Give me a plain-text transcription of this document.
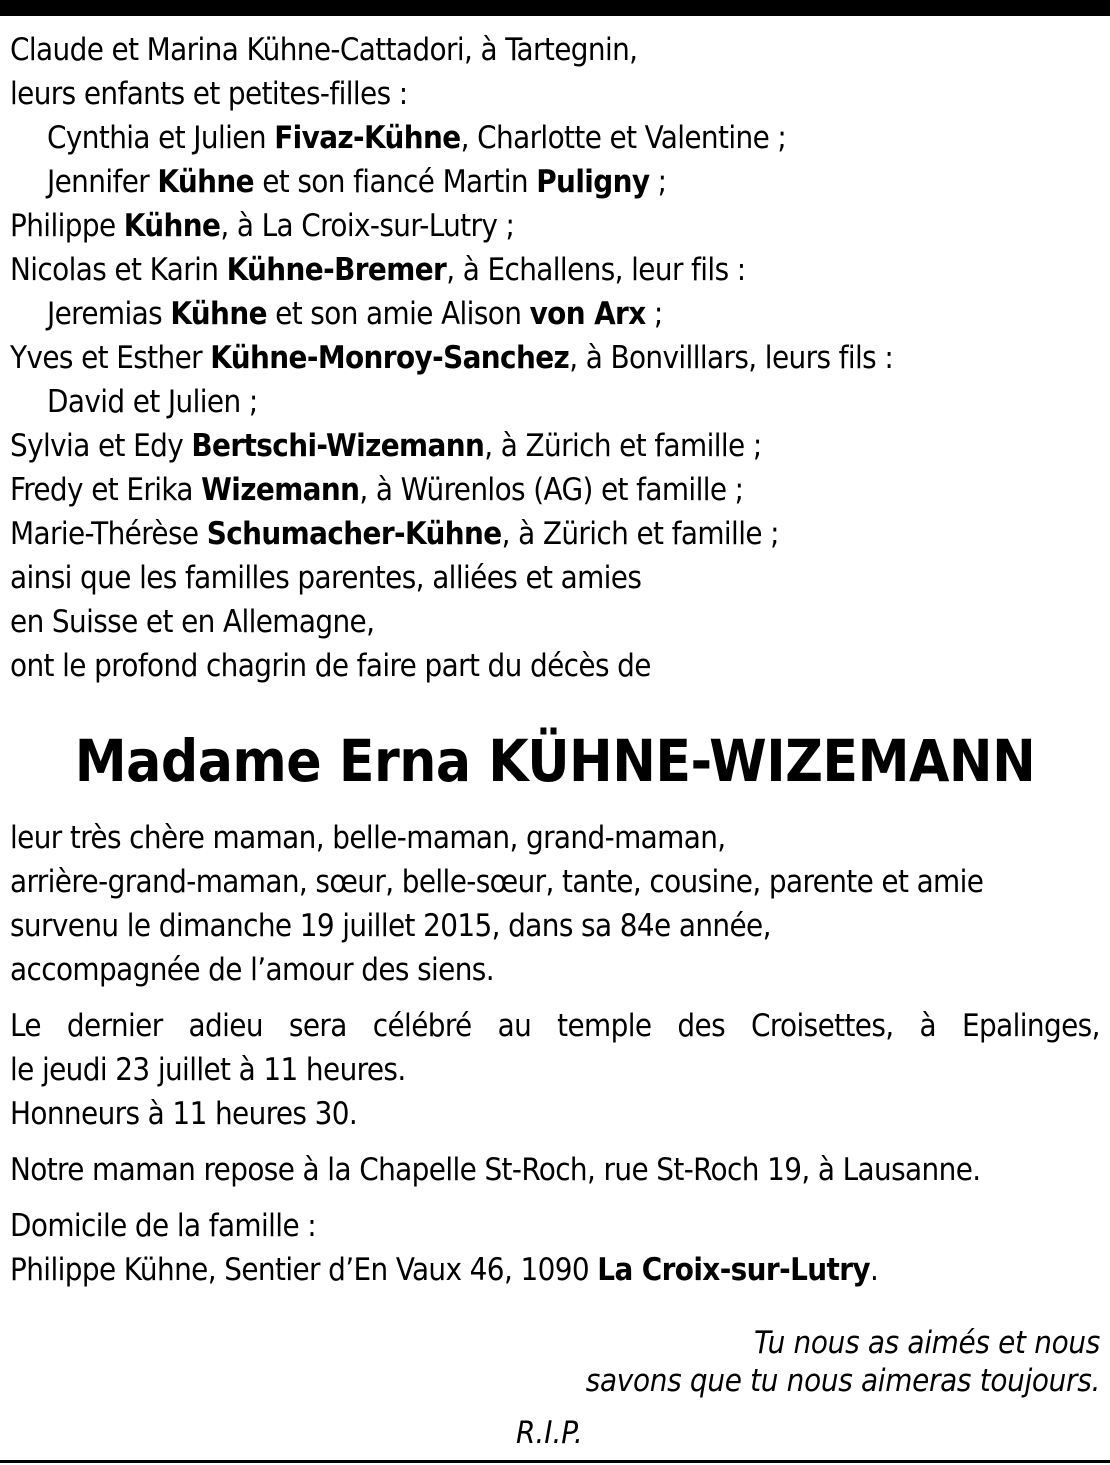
Claude et Marina Kühne-Cattadori, à Tartegnin,
leurs enfants et petites-filles :
Cynthia et Julien Fivaz-Kühne, Charlotte et Valentine ;
Jennifer Kühne et son fiancé Martin Puligny ;
Philippe Kühne, à La Croix-sur-Lutry ;
Nicolas et Karin Kühne-Bremer, à Echallens, leur fils :
Jeremias Kühne et son amie Alison von Arx ;
Yves et Esther Kühne-Monroy-Sanchez, à Bonvilllars, leurs fils :
David et Julien ;
Sylvia et Edy Bertschi-Wizemann, à Zürich et famille ;
Fredy et Erika Wizemann, à Würenlos (AG) et famille ;
Marie-Thérèse Schumacher-Kühne, à Zürich et famille ;
ainsi que les familles parentes, alliées et amies
en Suisse et en Allemagne,
ont le profond chagrin de faire part du décès de
Madame Erna KÜHNE-WIZEMANN
leur très chère maman, belle-maman, grand-maman,
arrière-grand-maman, sœur, belle-sœur, tante, cousine, parente et amie
survenu le dimanche 19 juillet 2015, dans sa 84e année,
accompagnée de l’amour des siens.
Le dernier adieu sera célébré au temple des Croisettes, à Epalinges,
le jeudi 23 juillet à 11 heures.
Honneurs à 11 heures 30.
Notre maman repose à la Chapelle St-Roch, rue St-Roch 19, à Lausanne.
Domicile de la famille :
Philippe Kühne, Sentier d’En Vaux 46, 1090 La Croix-sur-Lutry.
Tu nous as aimés et nous
savons que tu nous aimeras toujours.
R.I.P.
